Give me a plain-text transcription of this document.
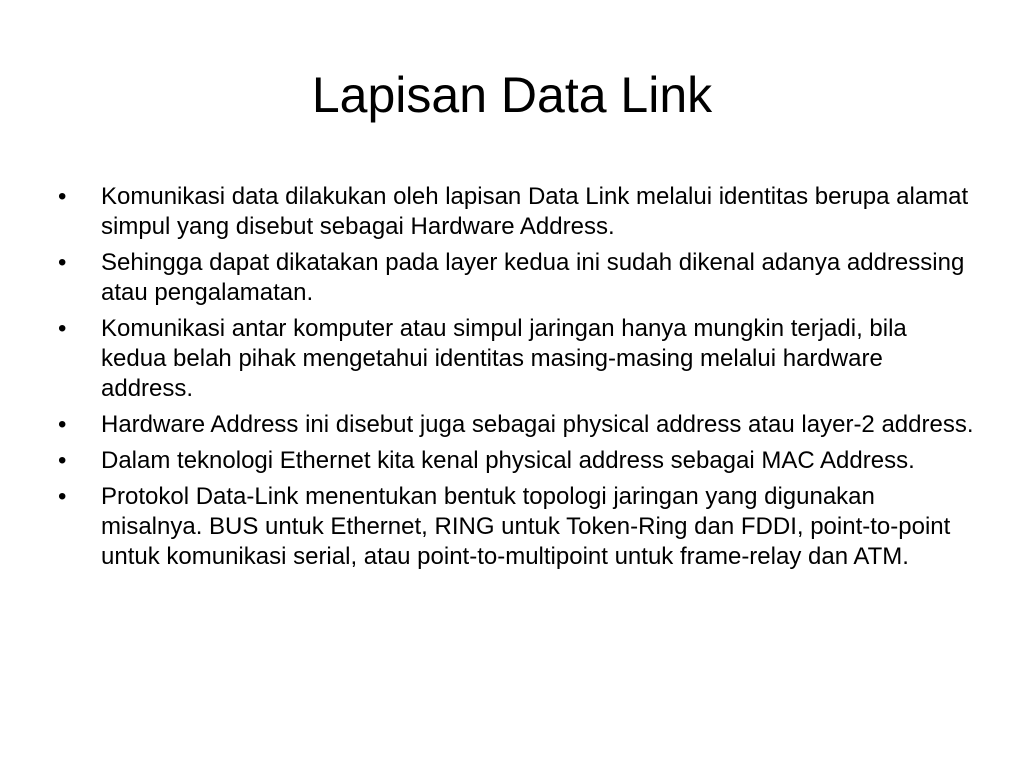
Lapisan Data Link
• Komunikasi data dilakukan oleh lapisan Data Link melalui identitas berupa alamat simpul yang disebut sebagai Hardware Address.
• Sehingga dapat dikatakan pada layer kedua ini sudah dikenal adanya addressing atau pengalamatan.
• Komunikasi antar komputer atau simpul jaringan hanya mungkin terjadi, bila kedua belah pihak mengetahui identitas masing-masing melalui hardware address.
• Hardware Address ini disebut juga sebagai physical address atau layer-2 address.
• Dalam teknologi Ethernet kita kenal physical address sebagai MAC Address.
• Protokol Data-Link menentukan bentuk topologi jaringan yang digunakan misalnya. BUS untuk Ethernet, RING untuk Token-Ring dan FDDI, point-to-point untuk komunikasi serial, atau point-to-multipoint untuk frame-relay dan ATM.
